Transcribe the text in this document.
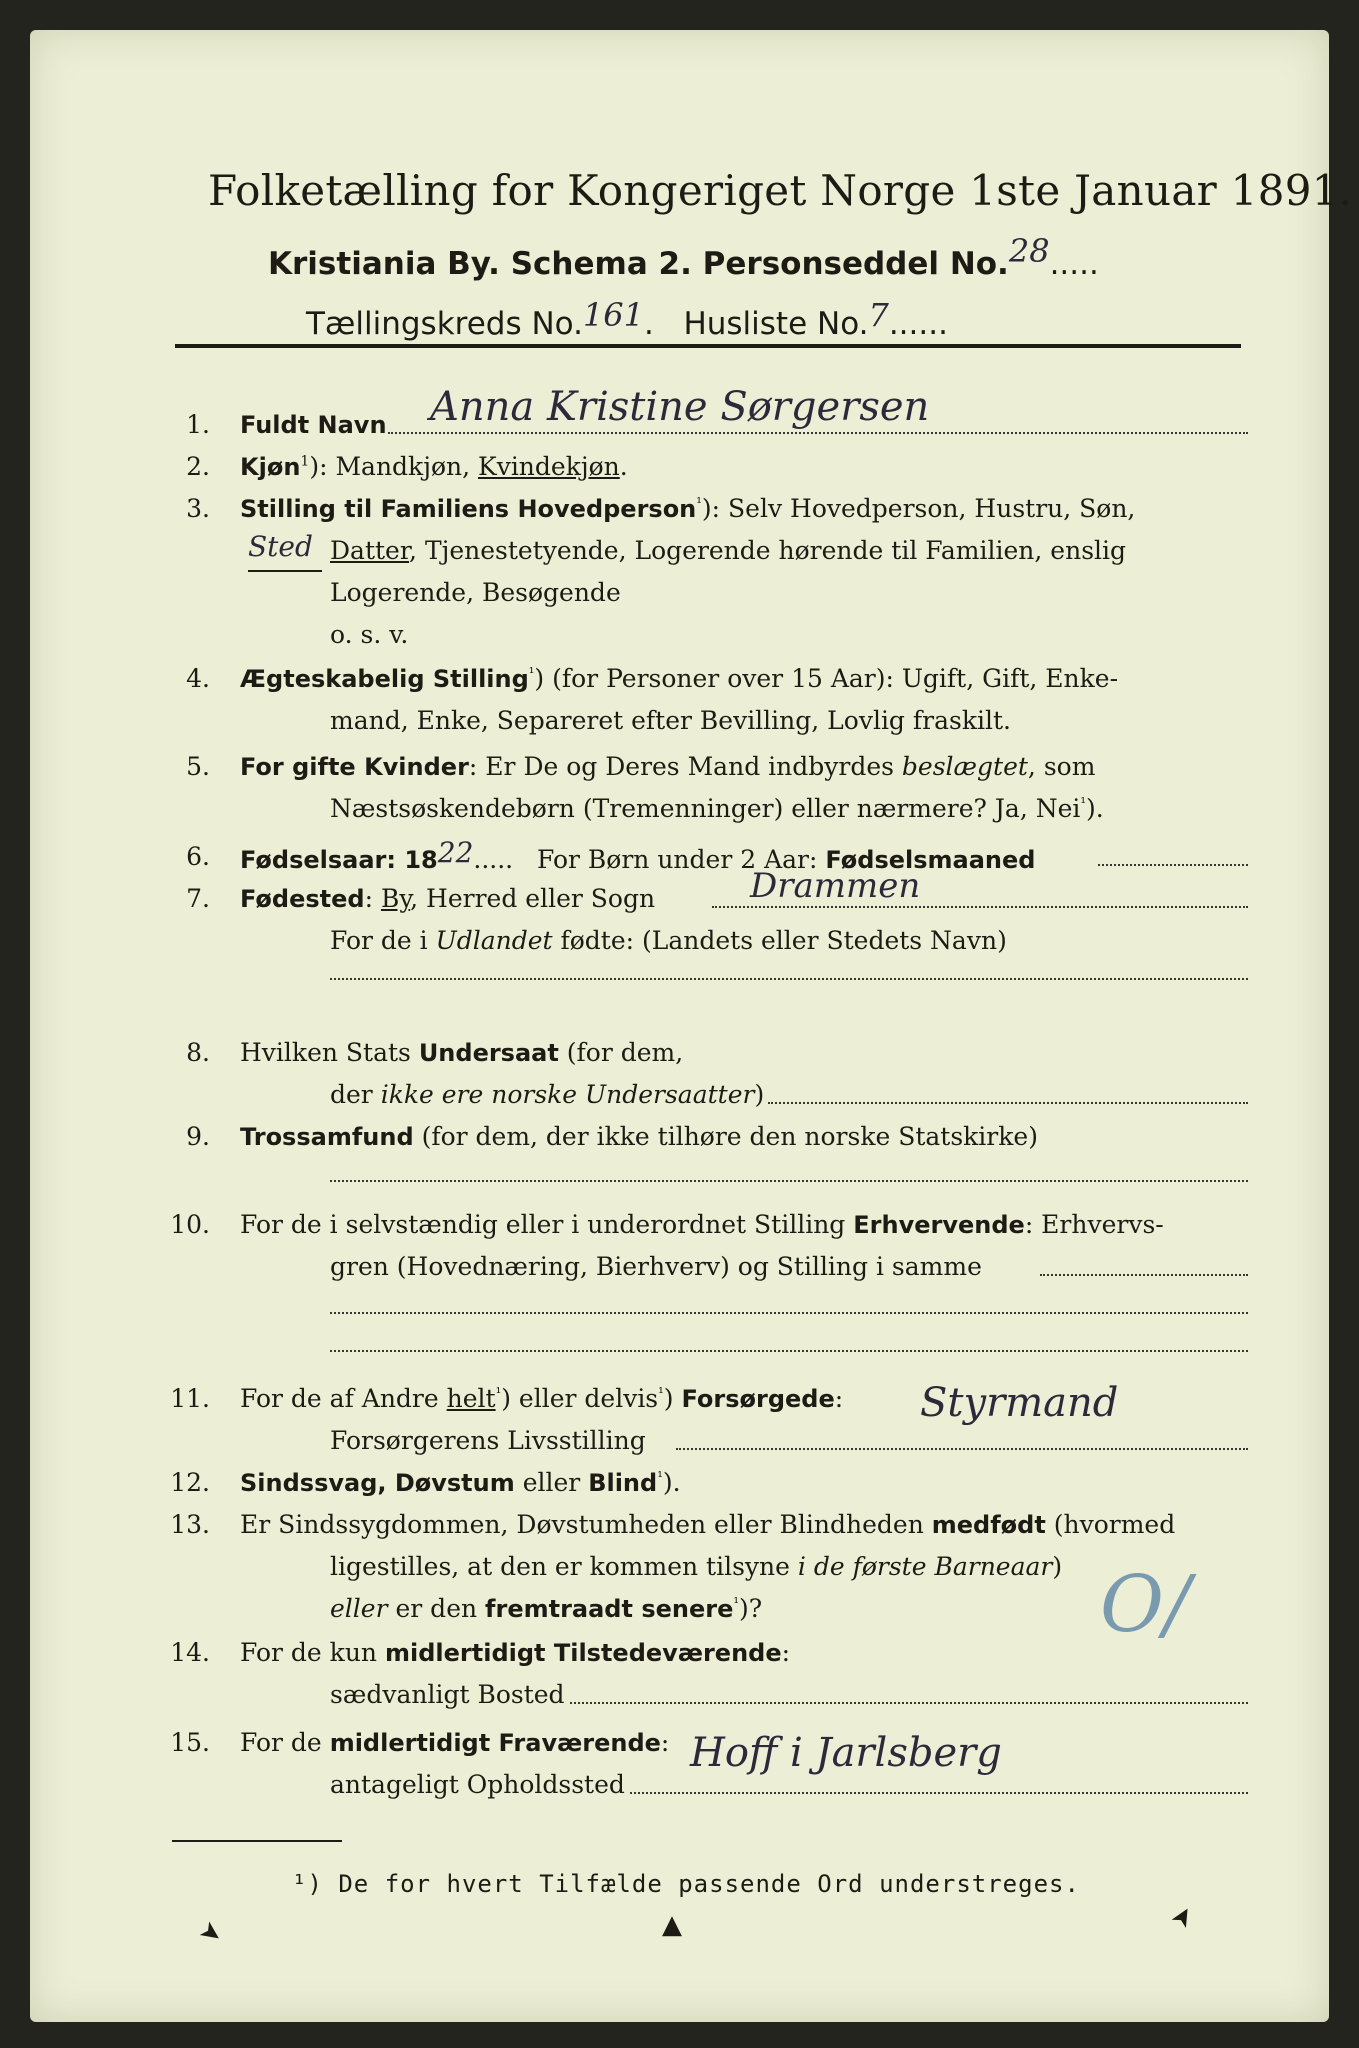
Folketælling for Kongeriget Norge 1ste Januar 1891.
Kristiania By. Schema 2. Personseddel No.28.....
Tællingskreds No.161.   Husliste No.7......
1. Fuldt Navn Anna Kristine Sørgersen
2. Kjøn$^1$): Mandkjøn, Kvindekjøn.
3. Stilling til Familiens Hovedperson$^{^1}$): Selv Hovedperson, Hustru, Søn,
Sted Datter, Tjenestetyende, Logerende hørende til Familien, enslig
Logerende, Besøgende
o. s. v.
4. Ægteskabelig Stilling$^{^1}$) (for Personer over 15 Aar): Ugift, Gift, Enke-
mand, Enke, Separeret efter Bevilling, Lovlig fraskilt.
5. For gifte Kvinder: Er De og Deres Mand indbyrdes beslægtet, som
Næstsøskendebørn (Tremenninger) eller nærmere? Ja, Nei$^{^1}$).
6. Fødselsaar: 1822.....   For Børn under 2 Aar: Fødselsmaaned
7. Fødested: By, Herred eller Sogn	Drammen
For de i Udlandet fødte: (Landets eller Stedets Navn)
8. Hvilken Stats Undersaat (for dem,
der ikke ere norske Undersaatter)
9. Trossamfund (for dem, der ikke tilhøre den norske Statskirke)
10. For de i selvstændig eller i underordnet Stilling Erhvervende: Erhvervs-
gren (Hovednæring, Bierhverv) og Stilling i samme
11. For de af Andre helt$^{^1}$) eller delvis$^{^1}$) Forsørgede:
Forsørgerens Livsstilling
Styrmand
12. Sindssvag, Døvstum eller Blind$^{^1}$).
13. Er Sindssygdommen, Døvstumheden eller Blindheden medfødt (hvormed
ligestilles, at den er kommen tilsyne i de første Barneaar)
eller er den fremtraadt senere$^{^1}$)?	O/
14. For de kun midlertidigt Tilstedeværende:
sædvanligt Bosted
15. For de midlertidigt Fraværende:
antageligt Opholdssted
Hoff i Jarlsberg
¹) De for hvert Tilfælde passende Ord understreges.
➤	▲	➤
